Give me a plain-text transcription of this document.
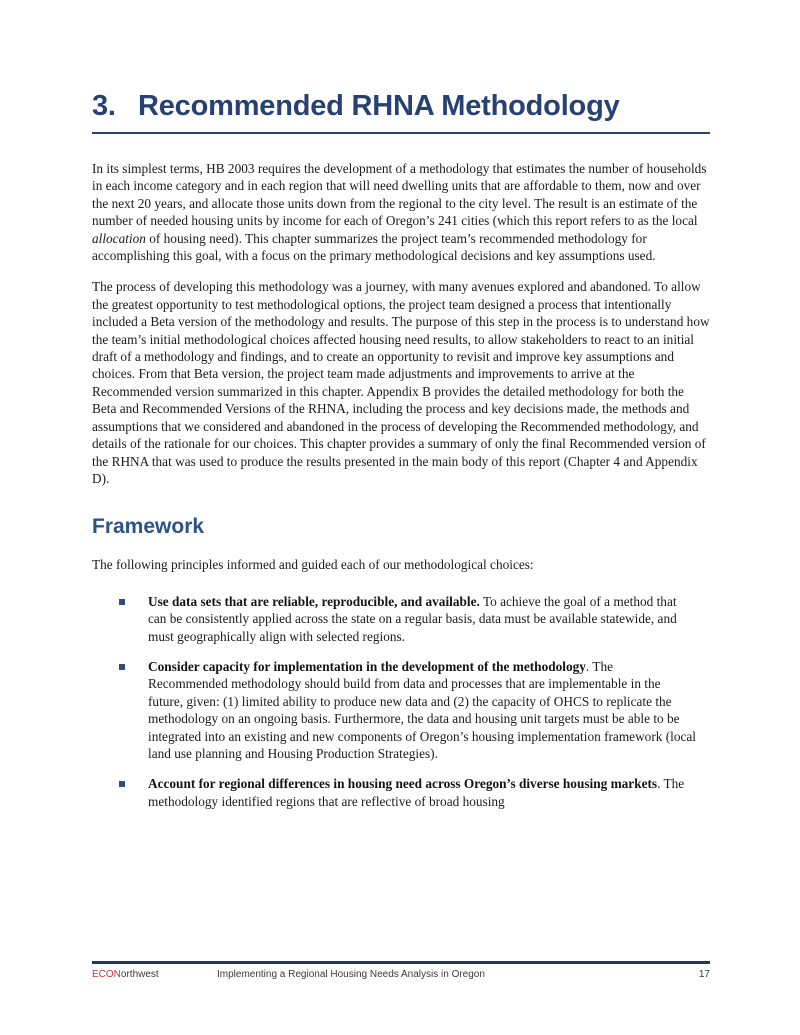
3. Recommended RHNA Methodology

In its simplest terms, HB 2003 requires the development of a methodology that estimates the number of households in each income category and in each region that will need dwelling units that are affordable to them, now and over the next 20 years, and allocate those units down from the regional to the city level. The result is an estimate of the number of needed housing units by income for each of Oregon’s 241 cities (which this report refers to as the local allocation of housing need). This chapter summarizes the project team’s recommended methodology for accomplishing this goal, with a focus on the primary methodological decisions and key assumptions used.

The process of developing this methodology was a journey, with many avenues explored and abandoned. To allow the greatest opportunity to test methodological options, the project team designed a process that intentionally included a Beta version of the methodology and results. The purpose of this step in the process is to understand how the team’s initial methodological choices affected housing need results, to allow stakeholders to react to an initial draft of a methodology and findings, and to create an opportunity to revisit and improve key assumptions and choices. From that Beta version, the project team made adjustments and improvements to arrive at the Recommended version summarized in this chapter. Appendix B provides the detailed methodology for both the Beta and Recommended Versions of the RHNA, including the process and key decisions made, the methods and assumptions that we considered and abandoned in the process of developing the Recommended methodology, and details of the rationale for our choices. This chapter provides a summary of only the final Recommended version of the RHNA that was used to produce the results presented in the main body of this report (Chapter 4 and Appendix D).

Framework

The following principles informed and guided each of our methodological choices:

Use data sets that are reliable, reproducible, and available. To achieve the goal of a method that can be consistently applied across the state on a regular basis, data must be available statewide, and must geographically align with selected regions.
Consider capacity for implementation in the development of the methodology. The Recommended methodology should build from data and processes that are implementable in the future, given: (1) limited ability to produce new data and (2) the capacity of OHCS to replicate the methodology on an ongoing basis. Furthermore, the data and housing unit targets must be able to be integrated into an existing and new components of Oregon’s housing implementation framework (local land use planning and Housing Production Strategies).
Account for regional differences in housing need across Oregon’s diverse housing markets. The methodology identified regions that are reflective of broad housing
ECONorthwest	Implementing a Regional Housing Needs Analysis in Oregon	17
